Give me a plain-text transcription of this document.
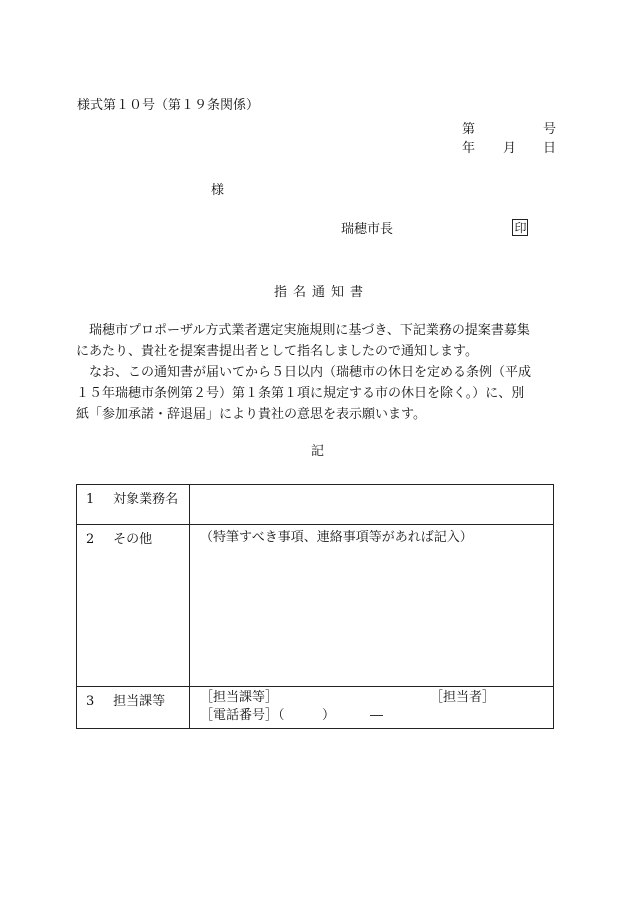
様式第１０号（第１９条関係）
第	号
年 月 日
様
瑞穂市長	印
指名通知書
　瑞穂市プロポーザル方式業者選定実施規則に基づき、下記業務の提案書募集
にあたり、貴社を提案書提出者として指名しましたので通知します。
　なお、この通知書が届いてから５日以内（瑞穂市の休日を定める条例（平成
１５年瑞穂市条例第２号）第１条第１項に規定する市の休日を除く。）に、別
紙「参加承諾・辞退届」により貴社の意思を表示願います。
記
1 対象業務名	

2 その他	（特筆すべき事項、連絡事項等があれば記入）

3 担当課等	［担当課等］ ［担当者］
［電話番号］（ ） ―
